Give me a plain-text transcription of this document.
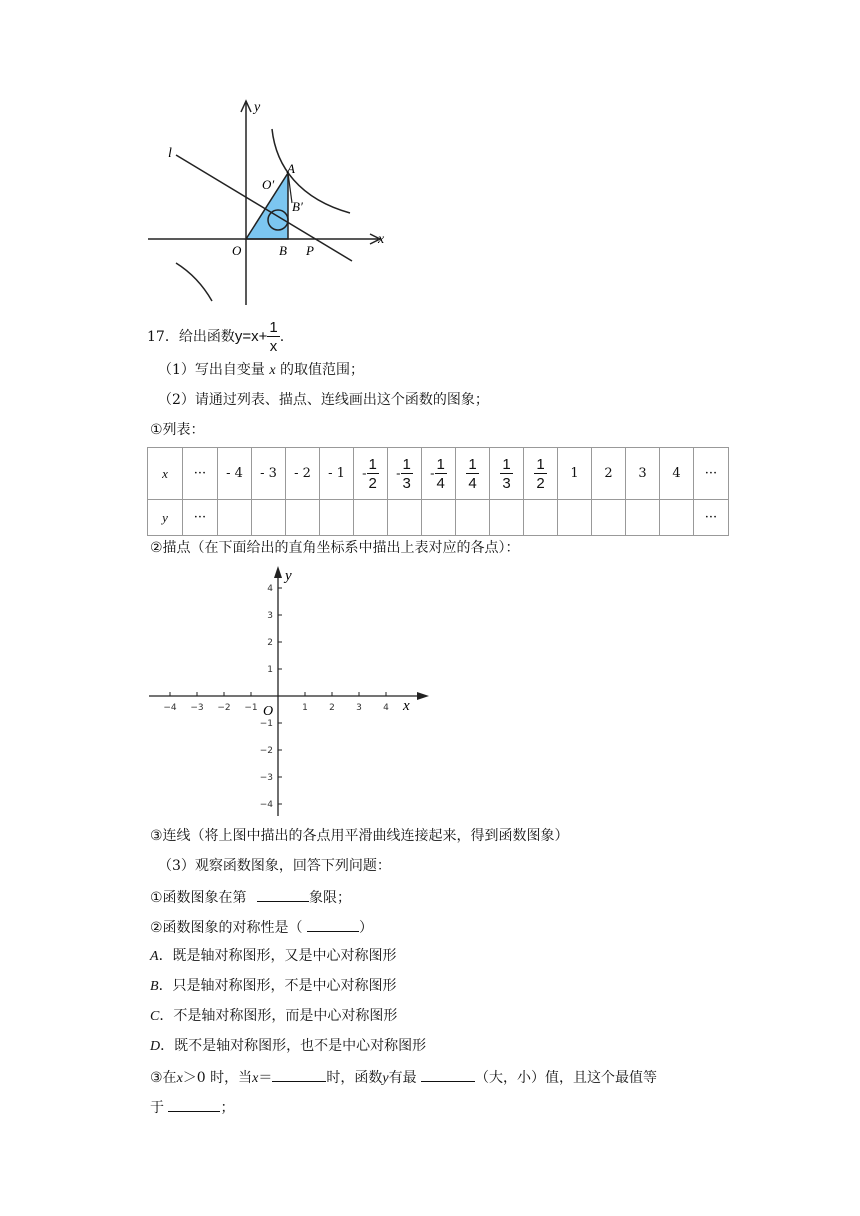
y
x
l
A
O′
B′
O	B P
17．给出函数$y=x+ \frac{1}{x}$ .
（1）写出自变量 x 的取值范围；
（2）请通过列表、描点、连线画出这个函数的图象；
①列表：
x	···	- 4	- 3	- 2	- 1	- $\frac{1}{2}$	- $\frac{1}{3}$	- $\frac{1}{4}$	$\frac{1}{4}$	$\frac{1}{3}$	$\frac{1}{2}$	1	2	3	4	···
y	···															···
②描点（在下面给出的直角坐标系中描出上表对应的各点）：
−4 −3 −2 −1	1 2 3 4
4
3
2
1
−1
−2
−3
−4
y
x
O
③连线（将上图中描出的各点用平滑曲线连接起来，得到函数图象）
（3）观察函数图象，回答下列问题：
①函数图象在第	象限；
②函数图象的对称性是（	）
A．既是轴对称图形，又是中心对称图形
B．只是轴对称图形，不是中心对称图形
C．不是轴对称图形，而是中心对称图形
D．既不是轴对称图形，也不是中心对称图形
③在x＞0 时，当x＝	时，函数y有最	（大，小）值，且这个最值等
于	；
